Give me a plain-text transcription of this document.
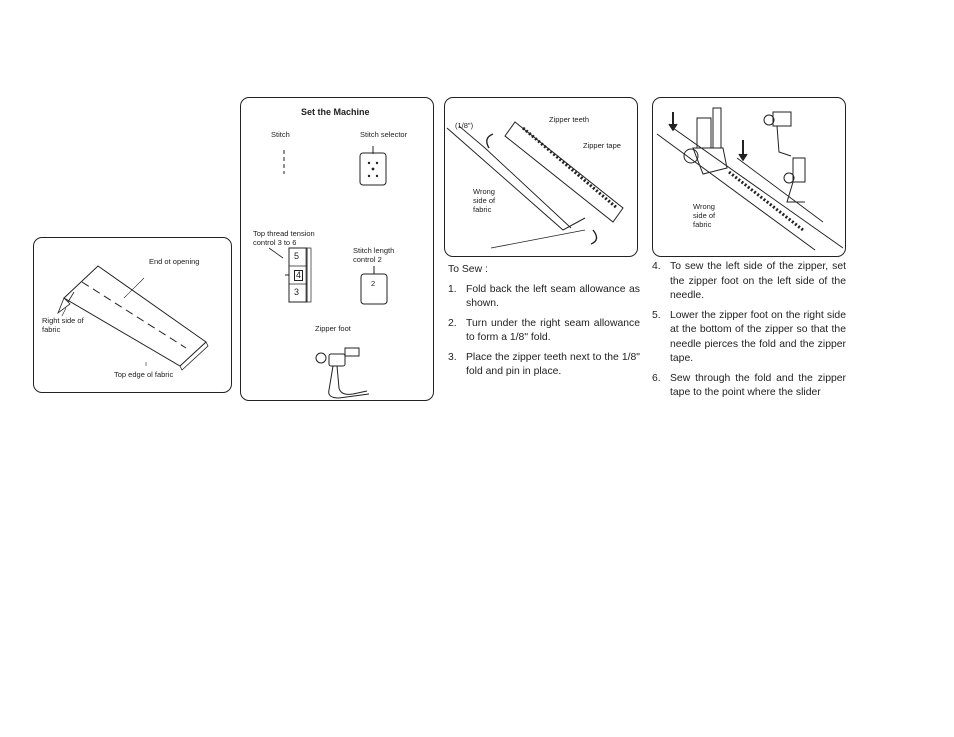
End ot opening
Right side of fabric
Top edge ol fabric
Set the Machine
Stitch	Stitch selector
Top thread tension control 3 to 6
5
4
3
Stitch length control 2
2
Zipper foot
(1/8")
Zipper teeth
Zipper tape
Wrong side of fabric	Wrong side of fabric
To Sew :
1. Fold back the left seam allowance as shown.
2. Turn under the right seam allowance to form a 1/8" fold.
3. Place the zipper teeth next to the 1/8" fold and pin in place.
4. To sew the left side of the zipper, set the zipper foot on the left side of the needle.
5. Lower the zipper foot on the right side at the bottom of the zipper so that the needle pierces the fold and the zipper tape.
6. Sew through the fold and the zipper tape to the point where the slider
